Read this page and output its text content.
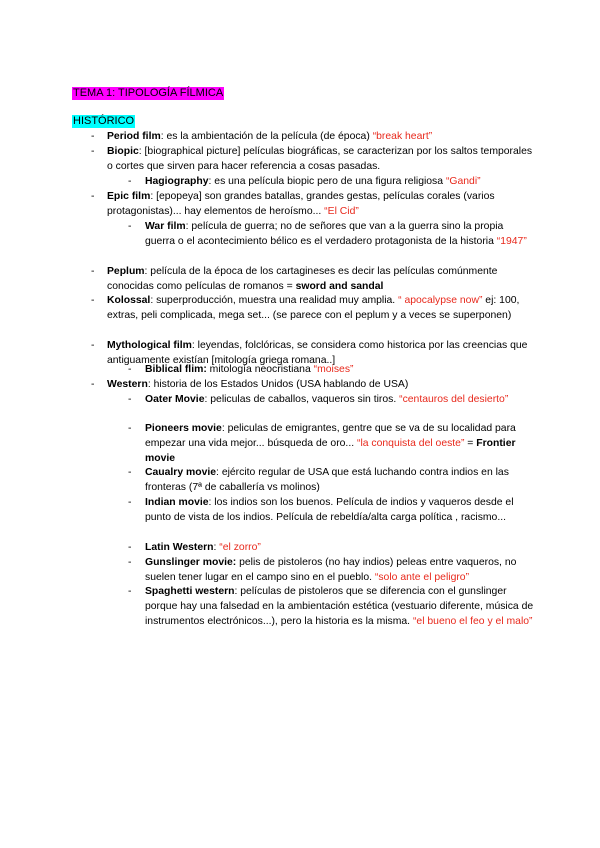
TEMA 1: TIPOLOGÍA FÍLMICA
HISTÓRICO
- Period film: es la ambientación de la película (de época) “break heart”
- Biopic: [biographical picture] películas biográficas, se caracterizan por los saltos temporales o cortes que sirven para hacer referencia a cosas pasadas.
- Hagiography: es una película biopic pero de una figura religiosa “Gandi”
- Epic film: [epopeya] son grandes batallas, grandes gestas, películas corales (varios protagonistas)... hay elementos de heroísmo... “El Cid”
- War film: película de guerra; no de señores que van a la guerra sino la propia guerra o el acontecimiento bélico es el verdadero protagonista de la historia “1947”
- Peplum: película de la época de los cartagineses es decir las películas comúnmente conocidas como películas de romanos = sword and sandal
- Kolossal: superproducción, muestra una realidad muy amplia. “ apocalypse now” ej: 100, extras, peli complicada, mega set... (se parece con el peplum y a veces se superponen)
- Mythological film: leyendas, folclóricas, se considera como historica por las creencias que antiguamente existían [mitología griega romana..]
- Biblical flim: mitología neocristiana “moises”
- Western: historia de los Estados Unidos (USA hablando de USA)
- Oater Movie: peliculas de caballos, vaqueros sin tiros. “centauros del desierto”
- Pioneers movie: peliculas de emigrantes, gentre que se va de su localidad para empezar una vida mejor... búsqueda de oro... “la conquista del oeste” = Frontier movie
- Caualry movie: ejército regular de USA que está luchando contra indios en las fronteras (7ª de caballería vs molinos)
- Indian movie: los indios son los buenos. Película de indios y vaqueros desde el punto de vista de los indios. Película de rebeldía/alta carga política , racismo...
- Latin Western: “el zorro”
- Gunslinger movie: pelis de pistoleros (no hay indios) peleas entre vaqueros, no suelen tener lugar en el campo sino en el pueblo. “solo ante el peligro”
- Spaghetti western: películas de pistoleros que se diferencia con el gunslinger porque hay una falsedad en la ambientación estética (vestuario diferente, música de instrumentos electrónicos...), pero la historia es la misma. “el bueno el feo y el malo”
